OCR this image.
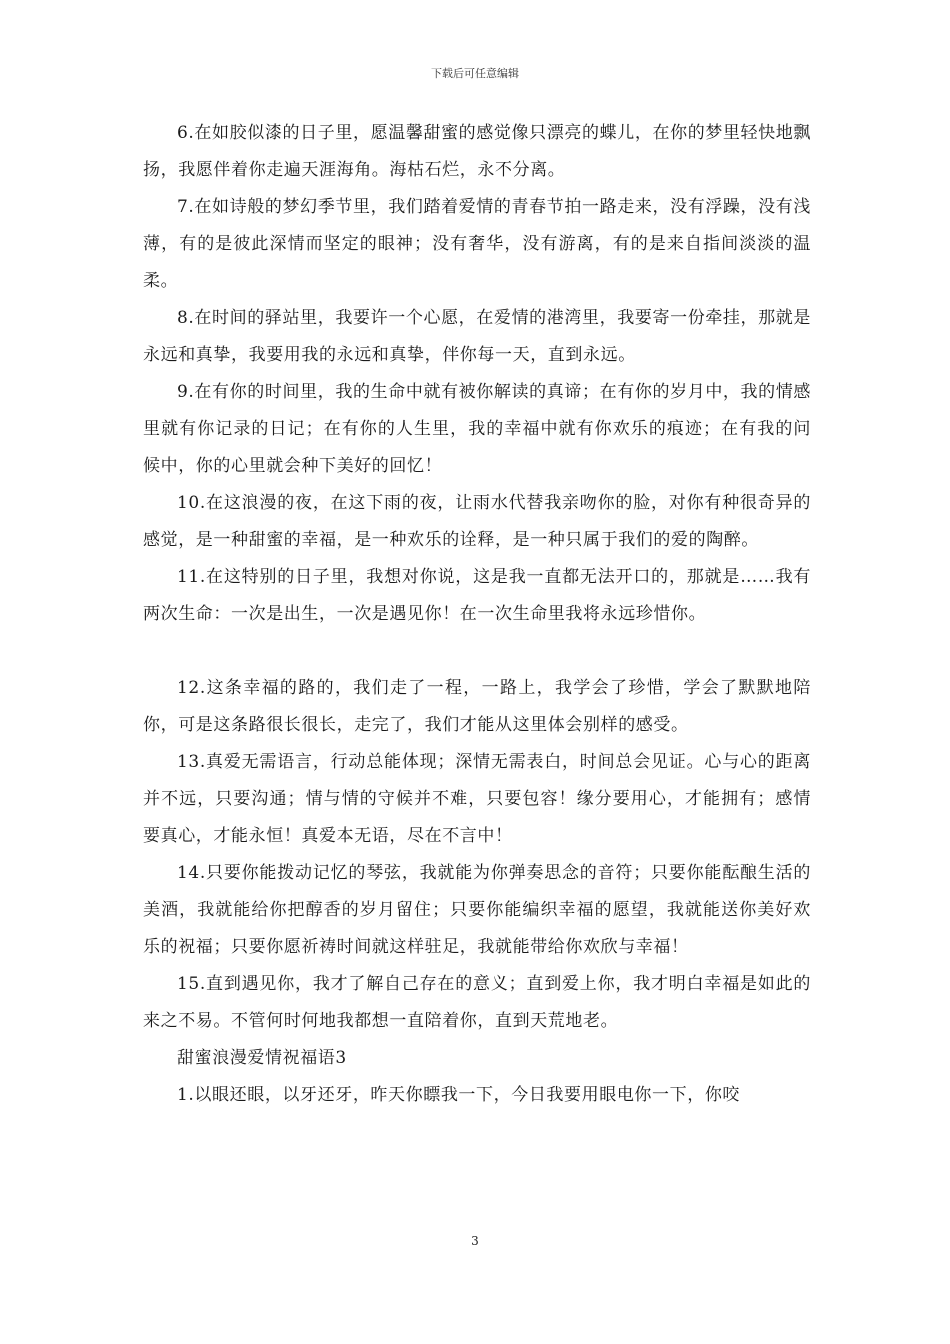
下载后可任意编辑

6.在如胶似漆的日子里，愿温馨甜蜜的感觉像只漂亮的蝶儿，在你的梦里轻快地飘扬，我愿伴着你走遍天涯海角。海枯石烂，永不分离。

7.在如诗般的梦幻季节里，我们踏着爱情的青春节拍一路走来，没有浮躁，没有浅薄，有的是彼此深情而坚定的眼神；没有奢华，没有游离，有的是来自指间淡淡的温柔。

8.在时间的驿站里，我要许一个心愿，在爱情的港湾里，我要寄一份牵挂，那就是永远和真挚，我要用我的永远和真挚，伴你每一天，直到永远。

9.在有你的时间里，我的生命中就有被你解读的真谛；在有你的岁月中，我的情感里就有你记录的日记；在有你的人生里，我的幸福中就有你欢乐的痕迹；在有我的问候中，你的心里就会种下美好的回忆！

10.在这浪漫的夜，在这下雨的夜，让雨水代替我亲吻你的脸，对你有种很奇异的感觉，是一种甜蜜的幸福，是一种欢乐的诠释，是一种只属于我们的爱的陶醉。

11.在这特别的日子里，我想对你说，这是我一直都无法开口的，那就是……我有两次生命：一次是出生，一次是遇见你！在一次生命里我将永远珍惜你。

12.这条幸福的路的，我们走了一程，一路上，我学会了珍惜，学会了默默地陪你，可是这条路很长很长，走完了，我们才能从这里体会别样的感受。

13.真爱无需语言，行动总能体现；深情无需表白，时间总会见证。心与心的距离并不远，只要沟通；情与情的守候并不难，只要包容！缘分要用心，才能拥有；感情要真心，才能永恒！真爱本无语，尽在不言中！

14.只要你能拨动记忆的琴弦，我就能为你弹奏思念的音符；只要你能酝酿生活的美酒，我就能给你把醇香的岁月留住；只要你能编织幸福的愿望，我就能送你美好欢乐的祝福；只要你愿祈祷时间就这样驻足，我就能带给你欢欣与幸福！

15.直到遇见你，我才了解自己存在的意义；直到爱上你，我才明白幸福是如此的来之不易。不管何时何地我都想一直陪着你，直到天荒地老。

甜蜜浪漫爱情祝福语3

1.以眼还眼，以牙还牙，昨天你瞟我一下，今日我要用眼电你一下，你咬

3
